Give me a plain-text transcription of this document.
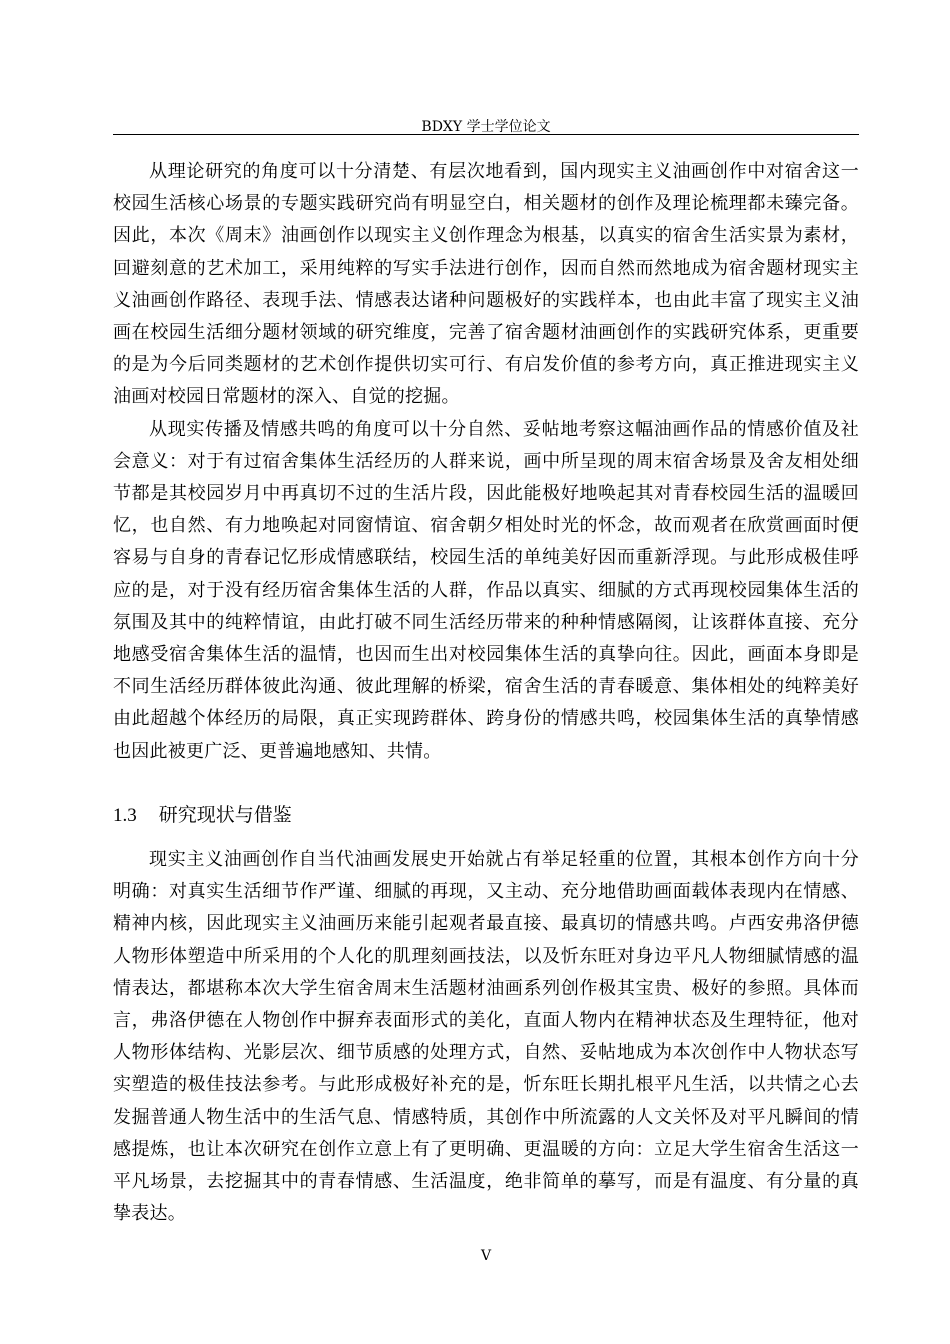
BDXY 学士学位论文

从理论研究的角度可以十分清楚、有层次地看到，国内现实主义油画创作中对宿舍这一校园生活核心场景的专题实践研究尚有明显空白，相关题材的创作及理论梳理都未臻完备。因此，本次《周末》油画创作以现实主义创作理念为根基，以真实的宿舍生活实景为素材，回避刻意的艺术加工，采用纯粹的写实手法进行创作，因而自然而然地成为宿舍题材现实主义油画创作路径、表现手法、情感表达诸种问题极好的实践样本，也由此丰富了现实主义油画在校园生活细分题材领域的研究维度，完善了宿舍题材油画创作的实践研究体系，更重要的是为今后同类题材的艺术创作提供切实可行、有启发价值的参考方向，真正推进现实主义油画对校园日常题材的深入、自觉的挖掘。

从现实传播及情感共鸣的角度可以十分自然、妥帖地考察这幅油画作品的情感价值及社会意义：对于有过宿舍集体生活经历的人群来说，画中所呈现的周末宿舍场景及舍友相处细节都是其校园岁月中再真切不过的生活片段，因此能极好地唤起其对青春校园生活的温暖回忆，也自然、有力地唤起对同窗情谊、宿舍朝夕相处时光的怀念，故而观者在欣赏画面时便容易与自身的青春记忆形成情感联结，校园生活的单纯美好因而重新浮现。与此形成极佳呼应的是，对于没有经历宿舍集体生活的人群，作品以真实、细腻的方式再现校园集体生活的氛围及其中的纯粹情谊，由此打破不同生活经历带来的种种情感隔阂，让该群体直接、充分地感受宿舍集体生活的温情，也因而生出对校园集体生活的真挚向往。因此，画面本身即是不同生活经历群体彼此沟通、彼此理解的桥梁，宿舍生活的青春暖意、集体相处的纯粹美好由此超越个体经历的局限，真正实现跨群体、跨身份的情感共鸣，校园集体生活的真挚情感也因此被更广泛、更普遍地感知、共情。

1.3 研究现状与借鉴

现实主义油画创作自当代油画发展史开始就占有举足轻重的位置，其根本创作方向十分明确：对真实生活细节作严谨、细腻的再现，又主动、充分地借助画面载体表现内在情感、精神内核，因此现实主义油画历来能引起观者最直接、最真切的情感共鸣。卢西安弗洛伊德人物形体塑造中所采用的个人化的肌理刻画技法，以及忻东旺对身边平凡人物细腻情感的温情表达，都堪称本次大学生宿舍周末生活题材油画系列创作极其宝贵、极好的参照。具体而言，弗洛伊德在人物创作中摒弃表面形式的美化，直面人物内在精神状态及生理特征，他对人物形体结构、光影层次、细节质感的处理方式，自然、妥帖地成为本次创作中人物状态写实塑造的极佳技法参考。与此形成极好补充的是，忻东旺长期扎根平凡生活，以共情之心去发掘普通人物生活中的生活气息、情感特质，其创作中所流露的人文关怀及对平凡瞬间的情感提炼，也让本次研究在创作立意上有了更明确、更温暖的方向：立足大学生宿舍生活这一平凡场景，去挖掘其中的青春情感、生活温度，绝非简单的摹写，而是有温度、有分量的真挚表达。

V
